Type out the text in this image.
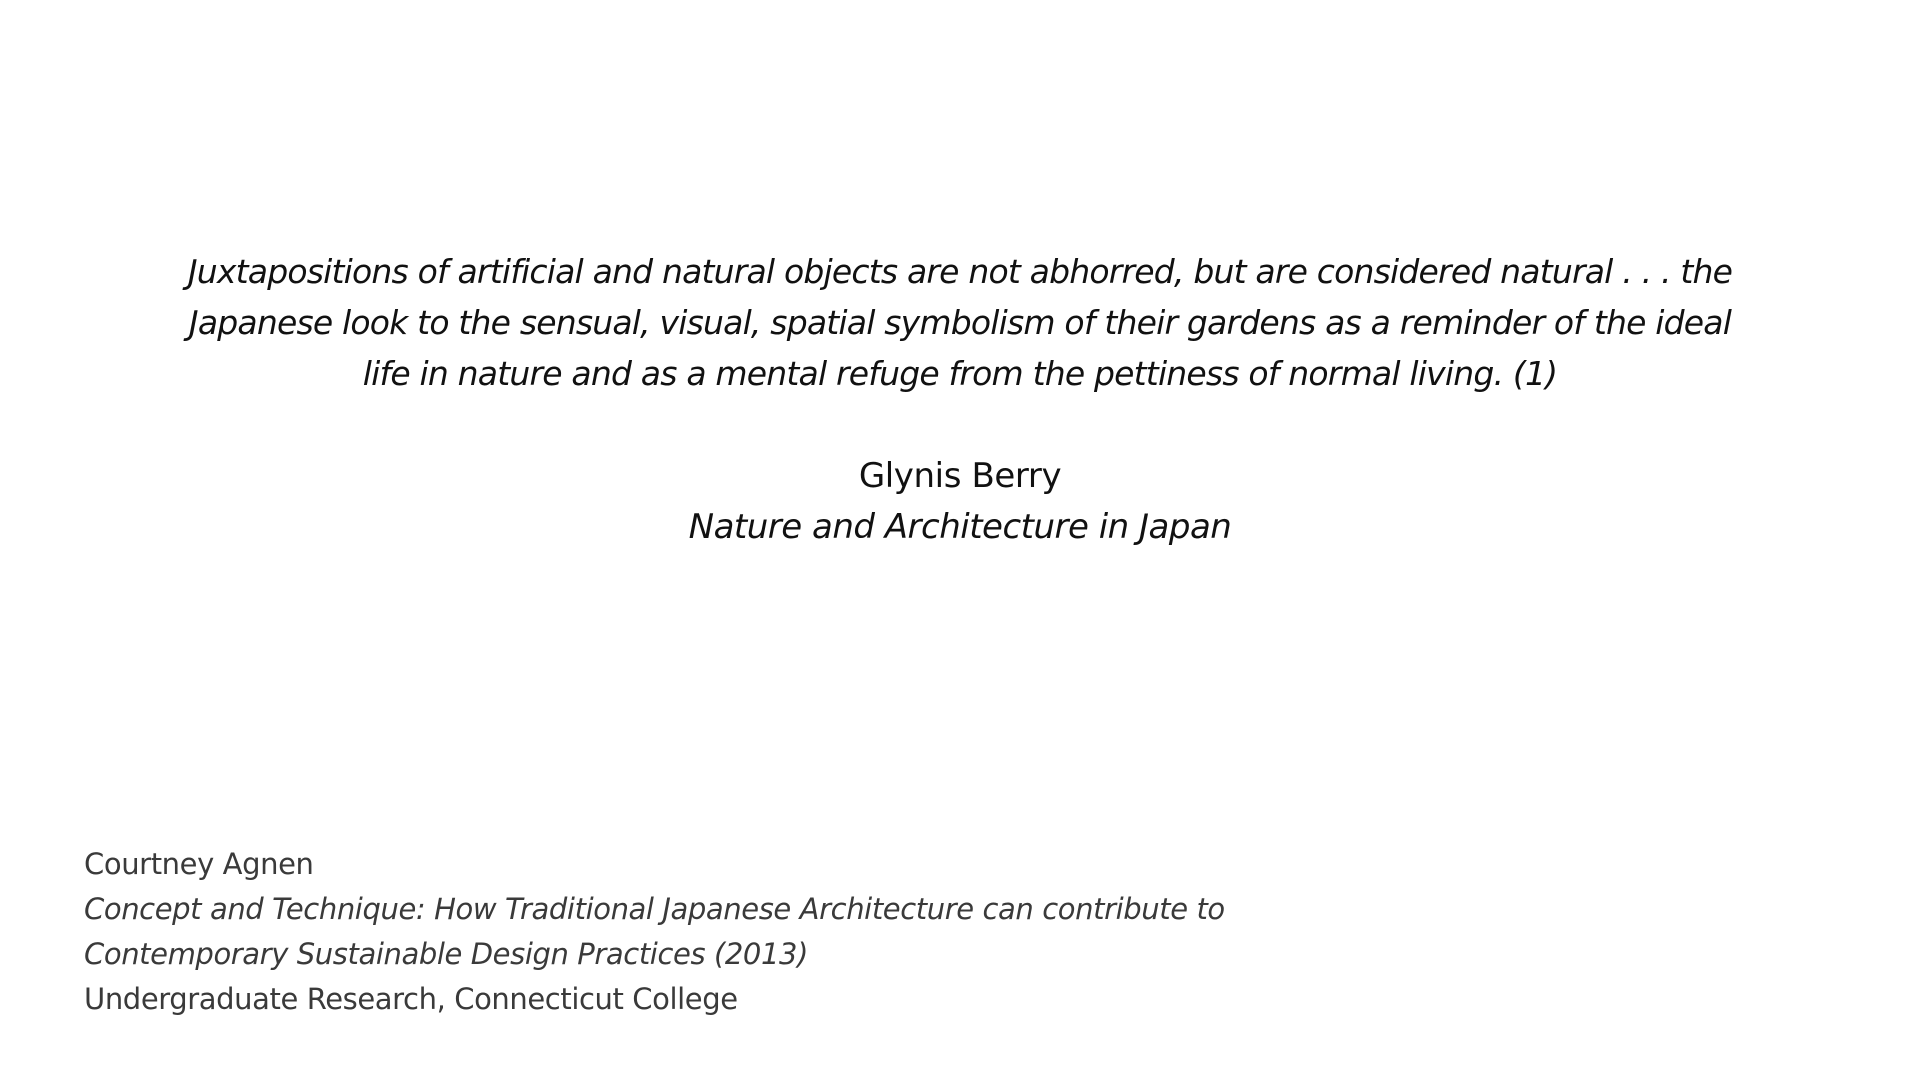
Juxtapositions of artificial and natural objects are not abhorred, but are considered natural . . . the
Japanese look to the sensual, visual, spatial symbolism of their gardens as a reminder of the ideal
life in nature and as a mental refuge from the pettiness of normal living. (1)

Glynis Berry
Nature and Architecture in Japan
Courtney Agnen
Concept and Technique: How Traditional Japanese Architecture can contribute to
Contemporary Sustainable Design Practices (2013)
Undergraduate Research, Connecticut College
